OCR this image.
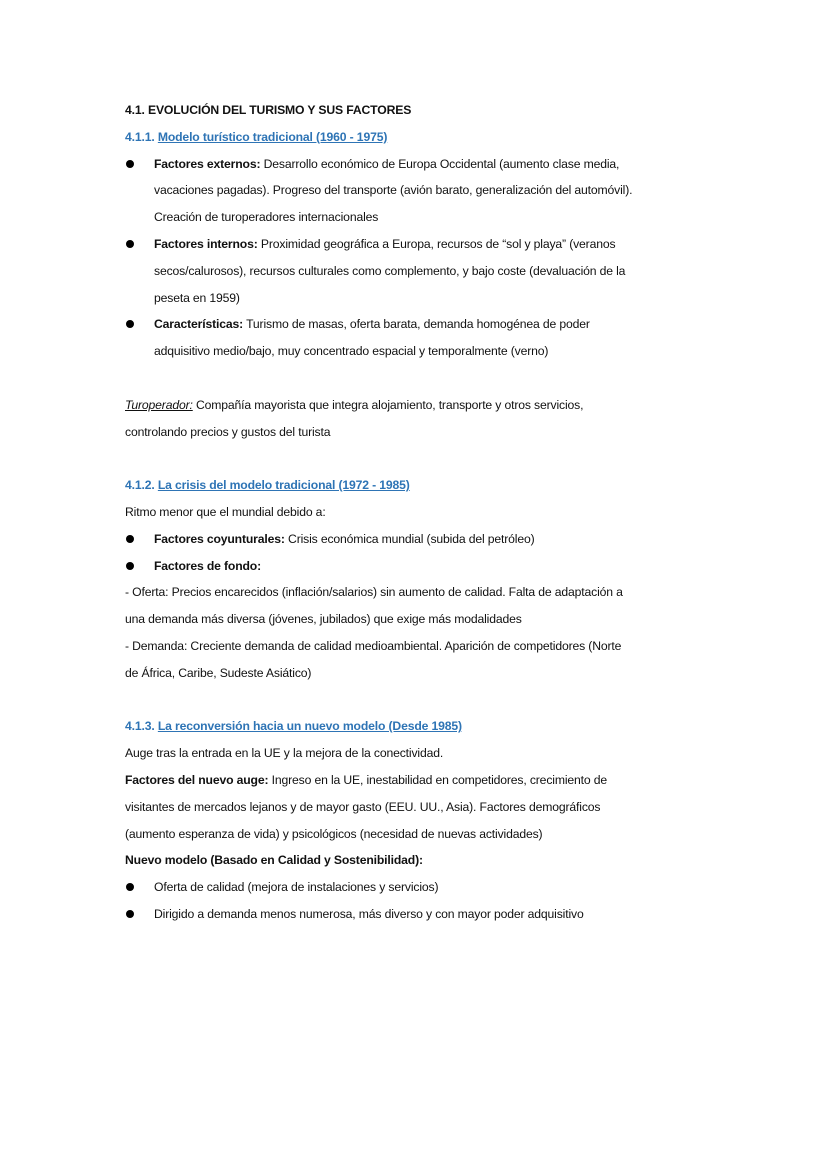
4.1. EVOLUCIÓN DEL TURISMO Y SUS FACTORES
4.1.1. Modelo turístico tradicional (1960 - 1975)
Factores externos: Desarrollo económico de Europa Occidental (aumento clase media,
vacaciones pagadas). Progreso del transporte (avión barato, generalización del automóvil).
Creación de turoperadores internacionales
Factores internos: Proximidad geográfica a Europa, recursos de “sol y playa” (veranos
secos/calurosos), recursos culturales como complemento, y bajo coste (devaluación de la
peseta en 1959)
Características: Turismo de masas, oferta barata, demanda homogénea de poder
adquisitivo medio/bajo, muy concentrado espacial y temporalmente (verno)
Turoperador: Compañía mayorista que integra alojamiento, transporte y otros servicios,
controlando precios y gustos del turista
4.1.2. La crisis del modelo tradicional (1972 - 1985)
Ritmo menor que el mundial debido a:
Factores coyunturales: Crisis económica mundial (subida del petróleo)
Factores de fondo:
- Oferta: Precios encarecidos (inflación/salarios) sin aumento de calidad. Falta de adaptación a
una demanda más diversa (jóvenes, jubilados) que exige más modalidades
- Demanda: Creciente demanda de calidad medioambiental. Aparición de competidores (Norte
de África, Caribe, Sudeste Asiático)
4.1.3. La reconversión hacia un nuevo modelo (Desde 1985)
Auge tras la entrada en la UE y la mejora de la conectividad.
Factores del nuevo auge: Ingreso en la UE, inestabilidad en competidores, crecimiento de
visitantes de mercados lejanos y de mayor gasto (EEU. UU., Asia). Factores demográficos
(aumento esperanza de vida) y psicológicos (necesidad de nuevas actividades)
Nuevo modelo (Basado en Calidad y Sostenibilidad):
Oferta de calidad (mejora de instalaciones y servicios)
Dirigido a demanda menos numerosa, más diverso y con mayor poder adquisitivo
